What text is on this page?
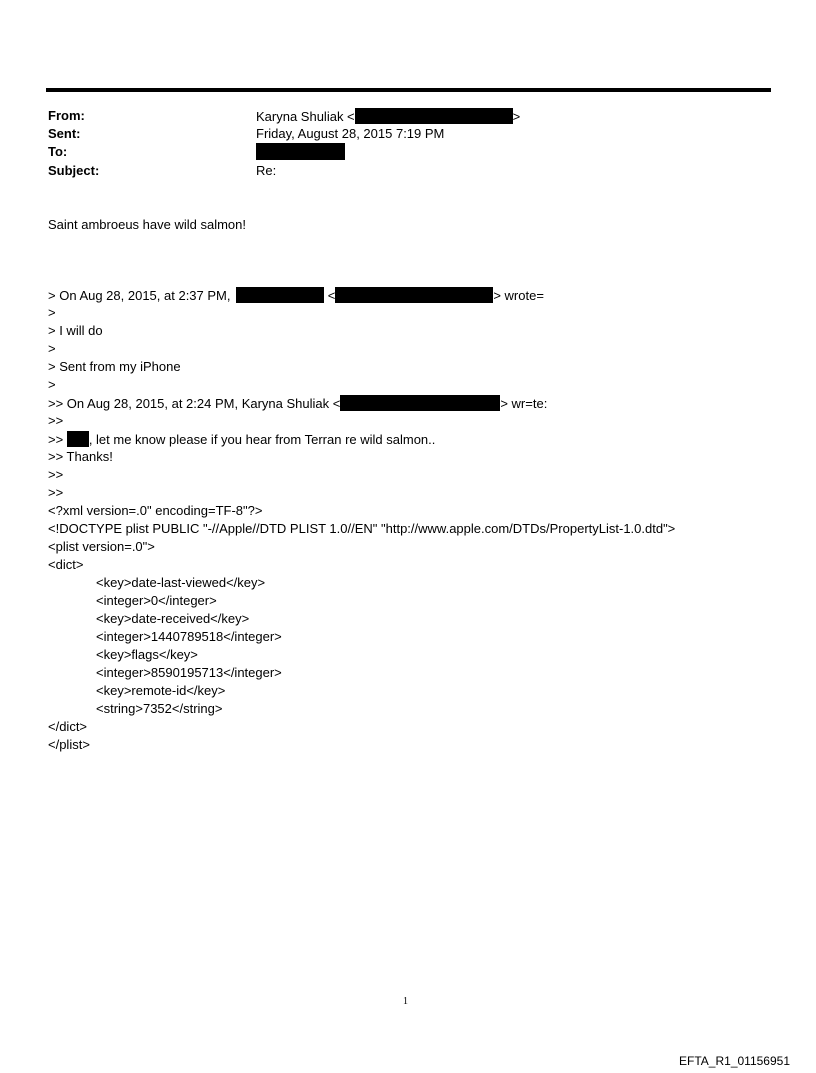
From:	Karyna Shuliak <	>
Sent:	Friday, August 28, 2015 7:19 PM
To:
Subject:	Re:
Saint ambroeus have wild salmon!
> On Aug 28, 2015, at 2:37 PM,	<	> wrote=
>
> I will do
>
> Sent from my iPhone
>
>> On Aug 28, 2015, at 2:24 PM, Karyna Shuliak <	> wr=te:
>>
>> , let me know please if you hear from Terran re wild salmon..
>> Thanks!
>>
>>
<?xml version=.0" encoding=TF-8"?>
<!DOCTYPE plist PUBLIC "-//Apple//DTD PLIST 1.0//EN" "http://www.apple.com/DTDs/PropertyList-1.0.dtd">
<plist version=.0">
<dict>
<key>date-last-viewed</key>
<integer>0</integer>
<key>date-received</key>
<integer>1440789518</integer>
<key>flags</key>
<integer>8590195713</integer>
<key>remote-id</key>
<string>7352</string>
</dict>
</plist>
1
EFTA_R1_01156951
